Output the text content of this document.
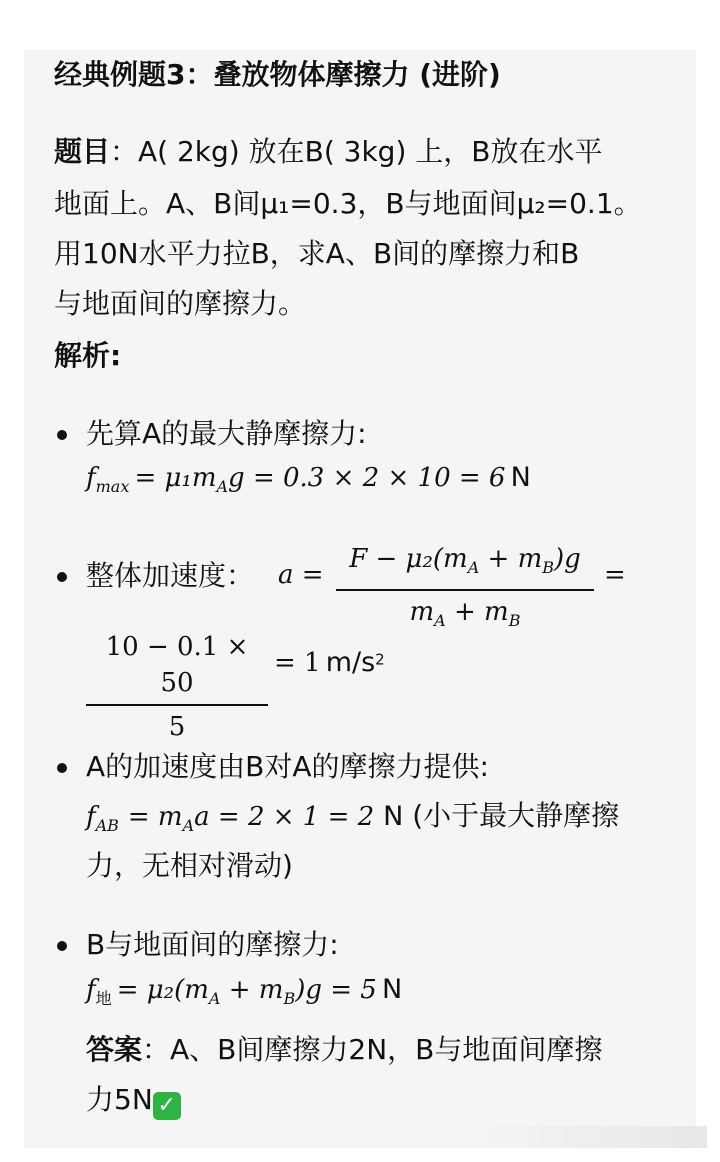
经典例题3：叠放物体摩擦力 (进阶)
题目：A( 2kg) 放在B( 3kg) 上，B放在水平
地面上。A、B间μ₁=0.3，B与地面间μ₂=0.1。
用10N水平力拉B，求A、B间的摩擦力和B
与地面间的摩擦力。
解析:
先算A的最大静摩擦力:
$f_{max} = \mu_1m_Ag = 0.3 \times 2 \times 10 = 6$ N
整体加速度： a =
$F - \mu_2(m_A + m_B)g$
$m_A + m_B$
=
10 − 0.1 × 50
5
= 1 $m/s^2$
A的加速度由B对A的摩擦力提供:
$f_{AB} = m_Aa = 2 \times 1 = 2$ N (小于最大静摩擦
力，无相对滑动)
B与地面间的摩擦力:
$f_地 = \mu_2(m_A + m_B)g = 5$ N
答案：A、B间摩擦力2N，B与地面间摩擦
力5N ✓
